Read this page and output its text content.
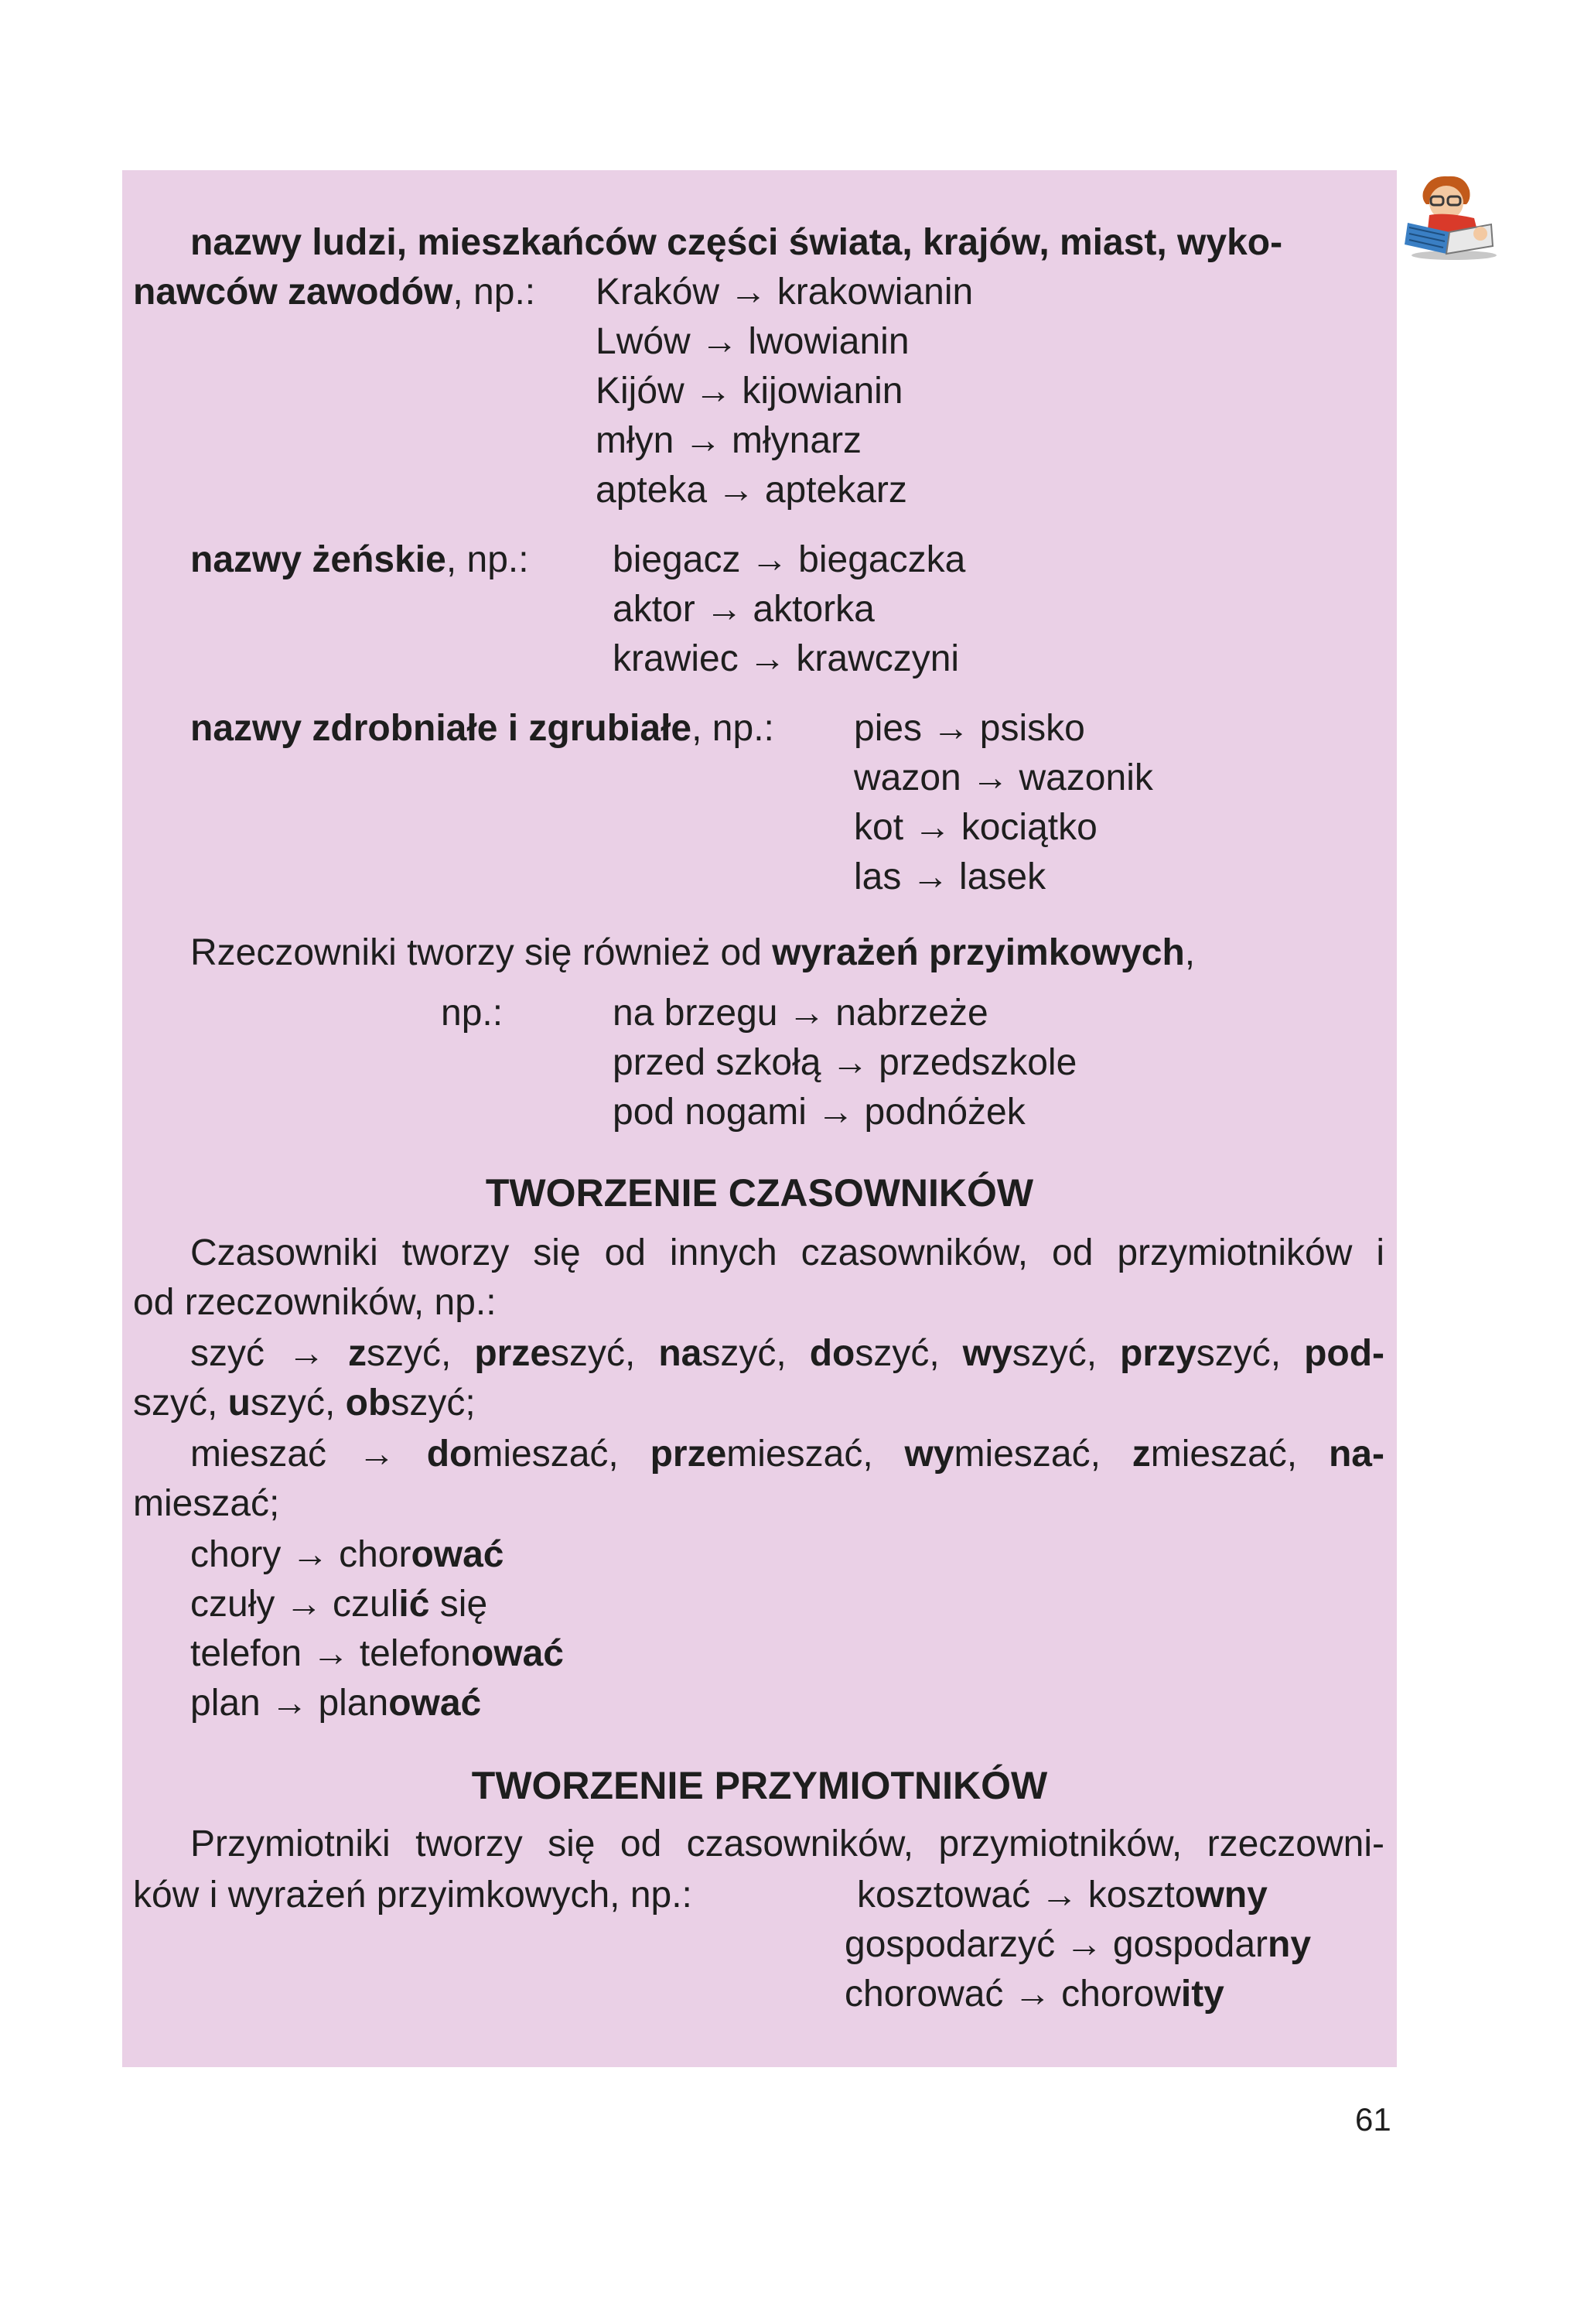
nazwy ludzi, mieszkańców części świata, krajów, miast, wyko-
nawców zawodów, np.: Kraków → krakowianin
Lwów → lwowianin
Kijów → kijowianin
młyn → młynarz
apteka → aptekarz
nazwy żeńskie, np.: biegacz → biegaczka
aktor → aktorka
krawiec → krawczyni
nazwy zdrobniałe i zgrubiałe, np.: pies → psisko
wazon → wazonik
kot → kociątko
las → lasek
Rzeczowniki tworzy się również od wyrażeń przyimkowych,
np.:	na brzegu → nabrzeże
przed szkołą → przedszkole
pod nogami → podnóżek
TWORZENIE CZASOWNIKÓW
Czasowniki tworzy się od innych czasowników, od przymiotników i
od rzeczowników, np.:
szyć → zszyć, przeszyć, naszyć, doszyć, wyszyć, przyszyć, pod-
szyć, uszyć, obszyć;
mieszać → domieszać, przemieszać, wymieszać, zmieszać, na-
mieszać;
chory → chorować
czuły → czulić się
telefon → telefonować
plan → planować
TWORZENIE PRZYMIOTNIKÓW
Przymiotniki tworzy się od czasowników, przymiotników, rzeczowni-
ków i wyrażeń przyimkowych, np.:	kosztować → kosztowny
gospodarzyć → gospodarny
chorować → chorowity
61
